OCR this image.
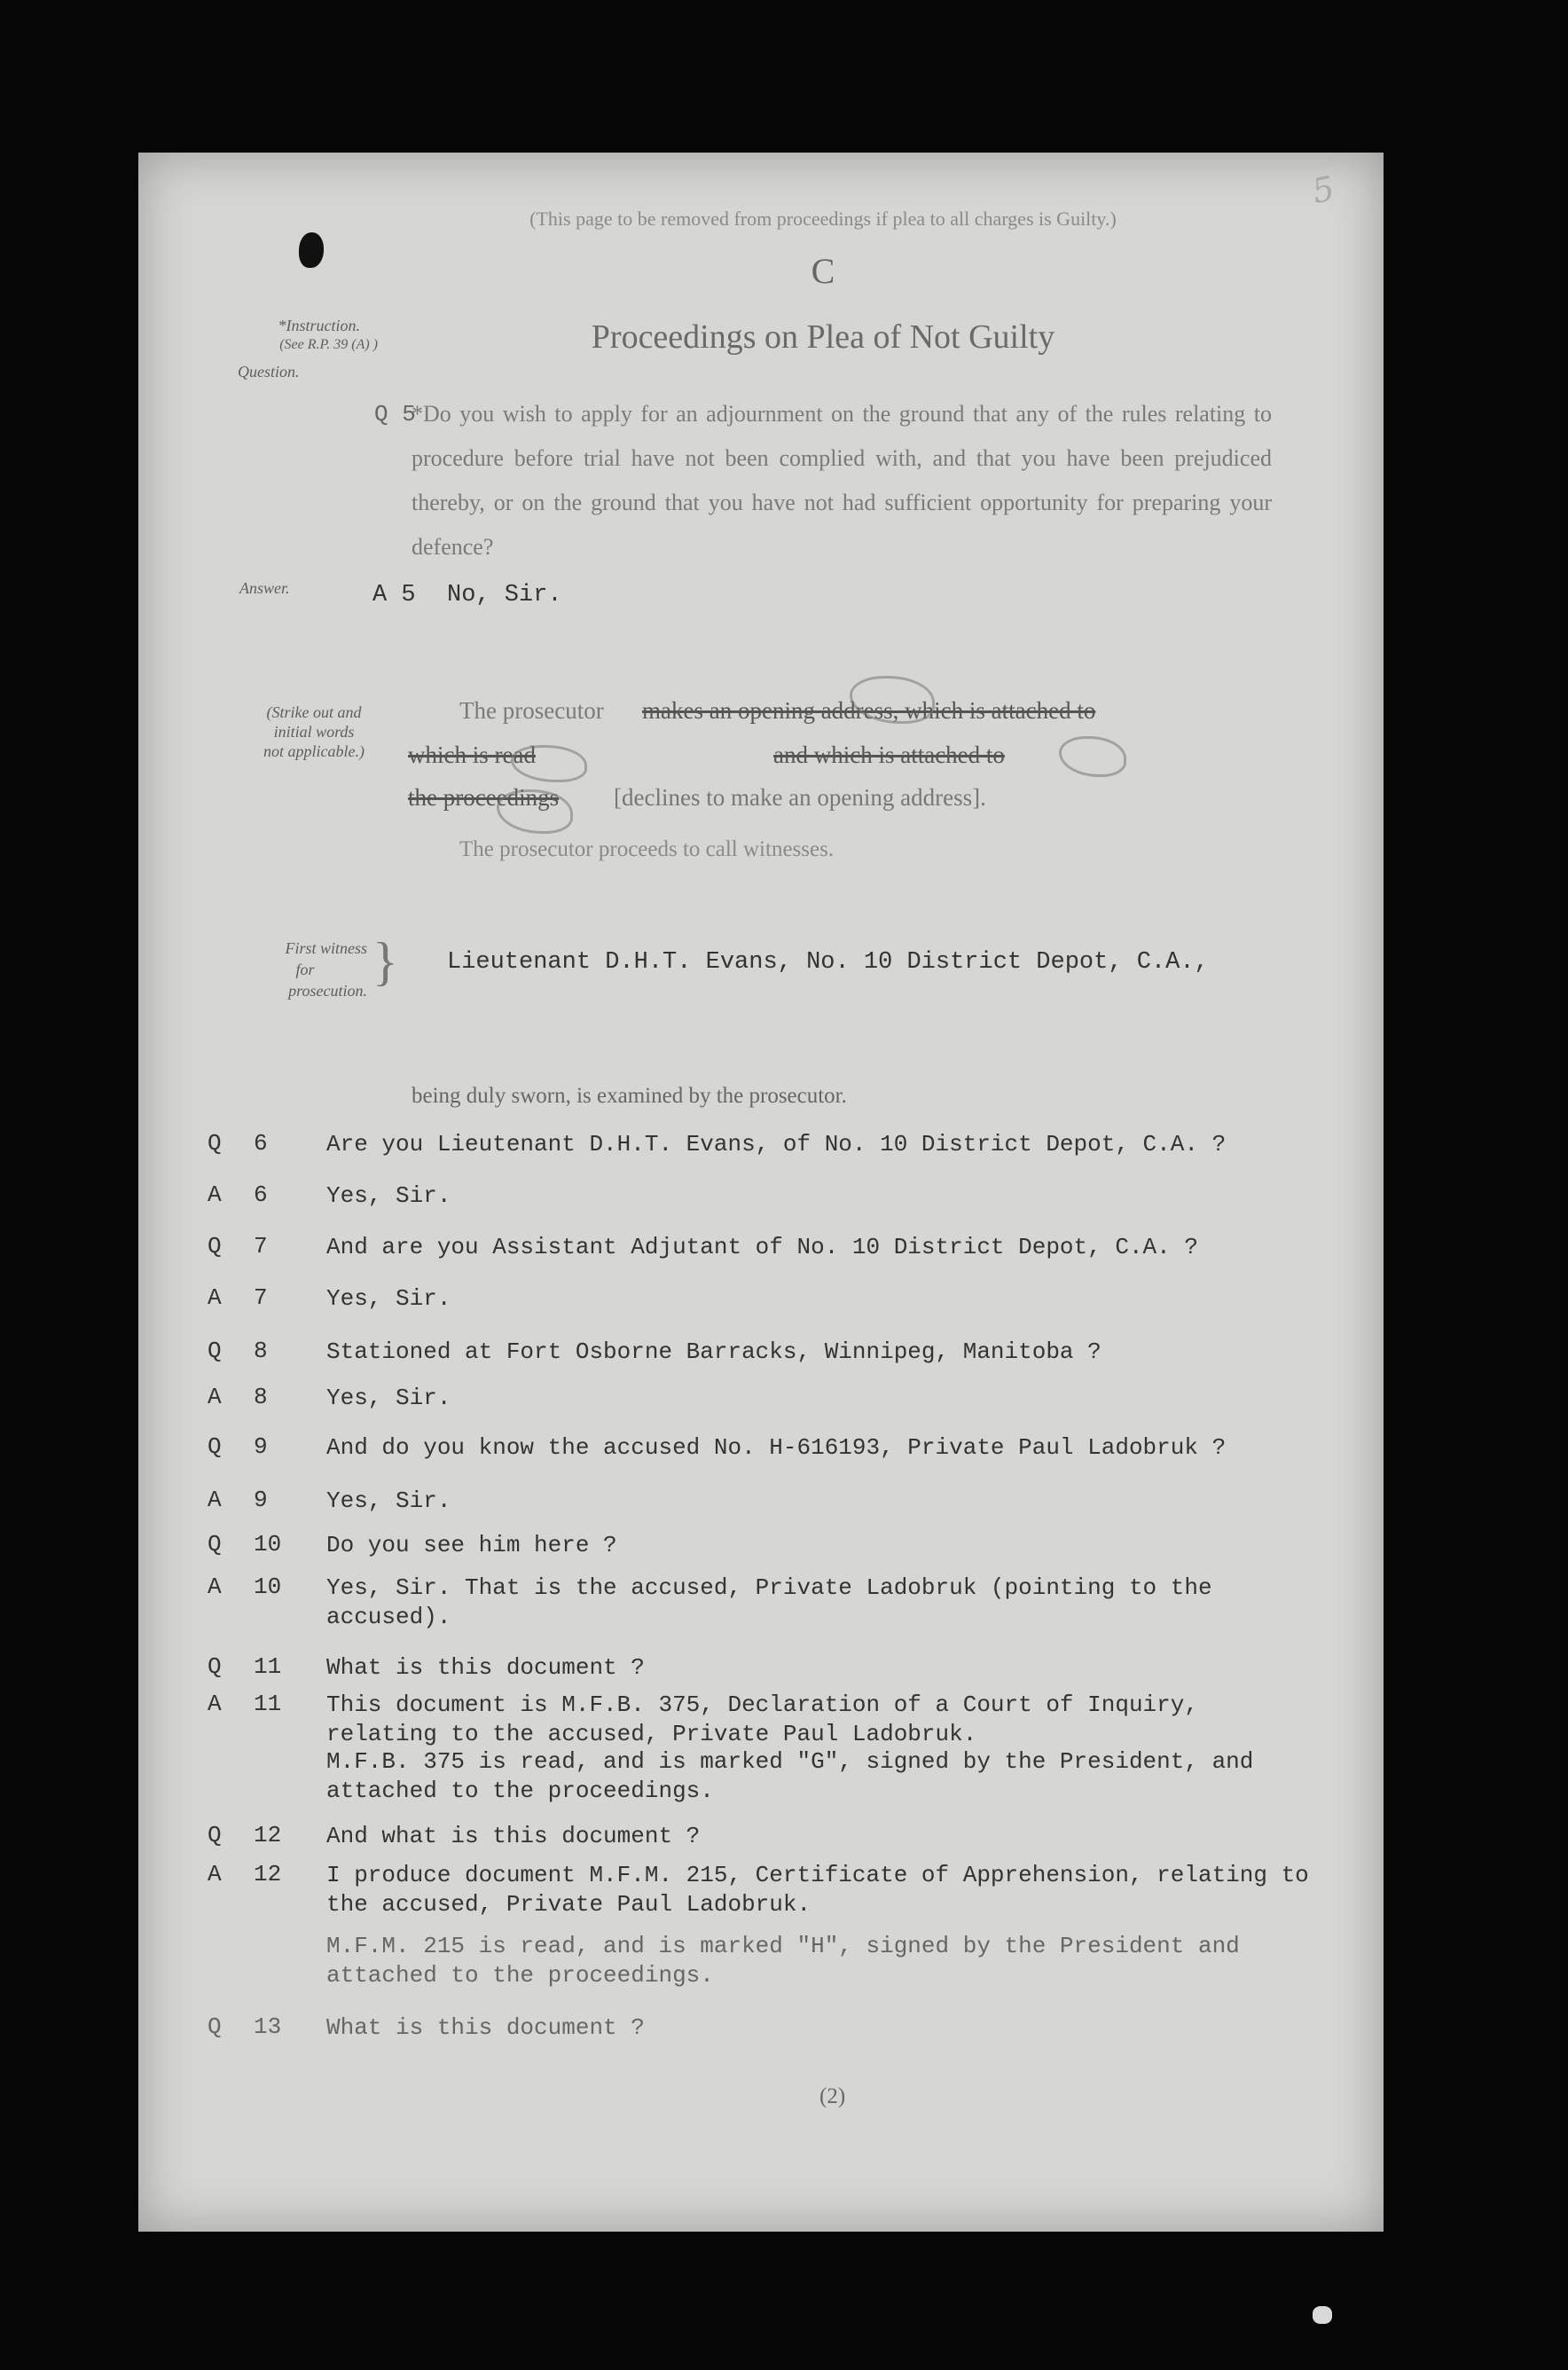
5
(This page to be removed from proceedings if plea to all charges is Guilty.)
C
Proceedings on Plea of Not Guilty
*Instruction.
(See R.P. 39 (A) )
Question.
Q 5
*Do you wish to apply for an adjournment on the ground that any of the rules relating to procedure before trial have not been complied with, and that you have been prejudiced thereby, or on the ground that you have not had sufficient opportunity for preparing your defence?
Answer.	A 5 No, Sir.
(Strike out and
initial words
not applicable.)
The prosecutor makes an opening address, which is attached to
which is read	and which is attached to
the proceedings [declines to make an opening address].
The prosecutor proceeds to call witnesses.
First witness
for
prosecution. } Lieutenant D.H.T. Evans, No. 10 District Depot, C.A.,
being duly sworn, is examined by the prosecutor.
Q	6	Are you Lieutenant D.H.T. Evans, of No. 10 District Depot, C.A. ?
A	6	Yes, Sir.
Q	7	And are you Assistant Adjutant of No. 10 District Depot, C.A. ?
A	7	Yes, Sir.
Q	8	Stationed at Fort Osborne Barracks, Winnipeg, Manitoba ?
A	8	Yes, Sir.
Q	9	And do you know the accused No. H-616193, Private Paul Ladobruk ?
A	9	Yes, Sir.
Q	10	Do you see him here ?
A	10	Yes, Sir. That is the accused, Private Ladobruk (pointing to the accused).
Q	11	What is this document ?
A	11	This document is M.F.B. 375, Declaration of a Court of Inquiry, relating to the accused, Private Paul Ladobruk.
M.F.B. 375 is read, and is marked "G", signed by the President, and attached to the proceedings.
Q	12	And what is this document ?
A	12	I produce document M.F.M. 215, Certificate of Apprehension, relating to the accused, Private Paul Ladobruk.
M.F.M. 215 is read, and is marked "H", signed by the President and attached to the proceedings.
Q	13	What is this document ?
(2)
